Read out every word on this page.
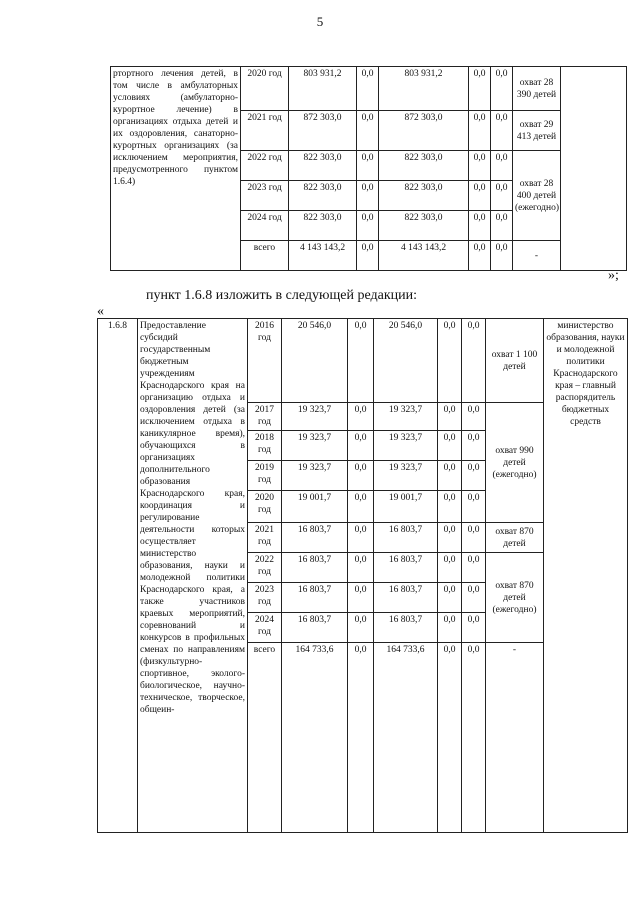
5
ртортного лечения детей, в том числе в амбулаторных условиях (амбулаторно-курортное лечение) в организациях отдыха детей и их оздоровления, санаторно-курортных организациях (за исключением мероприятия, предусмотренного пунктом 1.6.4)	2020 год	803 931,2	0,0	803 931,2	0,0	0,0	охват 28 390 детей	
	2021 год	872 303,0	0,0	872 303,0	0,0	0,0	охват 29 413 детей	
	2022 год	822 303,0	0,0	822 303,0	0,0	0,0	охват 28 400 детей (ежегодно)	
	2023 год	822 303,0	0,0	822 303,0	0,0	0,0		
	2024 год	822 303,0	0,0	822 303,0	0,0	0,0		
	всего	4 143 143,2	0,0	4 143 143,2	0,0	0,0	-	
»;
пункт 1.6.8 изложить в следующей редакции:
«
1.6.8	Предоставление субсидий государственным бюджетным учреждениям Краснодарского края на организацию отдыха и оздоровления детей (за исключением отдыха в каникулярное время), обучающихся в организациях дополнительного образования Краснодарского края, координация и регулирование деятельности которых осуществляет министерство образования, науки и молодежной политики Краснодарского края, а также участников краевых мероприятий, соревнований и конкурсов в профильных сменах по направлениям (физкультурно-спортивное, эколого-биологическое, научно-техническое, творческое, общеин-	2016 год	20 546,0	0,0	20 546,0	0,0	0,0	охват 1 100 детей	министерство образования, науки и молодежной политики Краснодарского края – главный распорядитель бюджетных средств
		2017 год	19 323,7	0,0	19 323,7	0,0	0,0	охват 990 детей (ежегодно)	
		2018 год	19 323,7	0,0	19 323,7	0,0	0,0		
		2019 год	19 323,7	0,0	19 323,7	0,0	0,0		
		2020 год	19 001,7	0,0	19 001,7	0,0	0,0		
		2021 год	16 803,7	0,0	16 803,7	0,0	0,0	охват 870 детей	
		2022 год	16 803,7	0,0	16 803,7	0,0	0,0	охват 870 детей (ежегодно)	
		2023 год	16 803,7	0,0	16 803,7	0,0	0,0		
		2024 год	16 803,7	0,0	16 803,7	0,0	0,0		
		всего	164 733,6	0,0	164 733,6	0,0	0,0	-	
